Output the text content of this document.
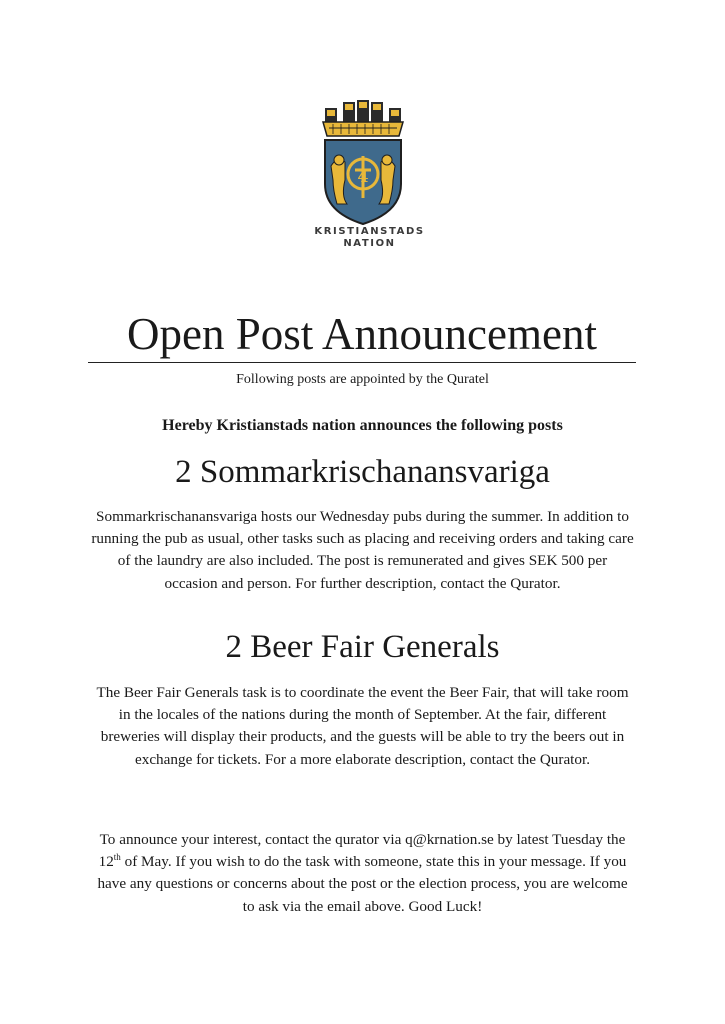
4
KRISTIANSTADS
NATION
Open Post Announcement
Following posts are appointed by the Quratel
Hereby Kristianstads nation announces the following posts
2 Sommarkrischanansvariga

Sommarkrischanansvariga hosts our Wednesday pubs during the summer. In addition to running the pub as usual, other tasks such as placing and receiving orders and taking care of the laundry are also included. The post is remunerated and gives SEK 500 per occasion and person. For further description, contact the Qurator.

2 Beer Fair Generals

The Beer Fair Generals task is to coordinate the event the Beer Fair, that will take room in the locales of the nations during the month of September. At the fair, different breweries will display their products, and the guests will be able to try the beers out in exchange for tickets. For a more elaborate description, contact the Qurator.

To announce your interest, contact the qurator via q@krnation.se by latest Tuesday the 12th of May. If you wish to do the task with someone, state this in your message. If you have any questions or concerns about the post or the election process, you are welcome to ask via the email above. Good Luck!
